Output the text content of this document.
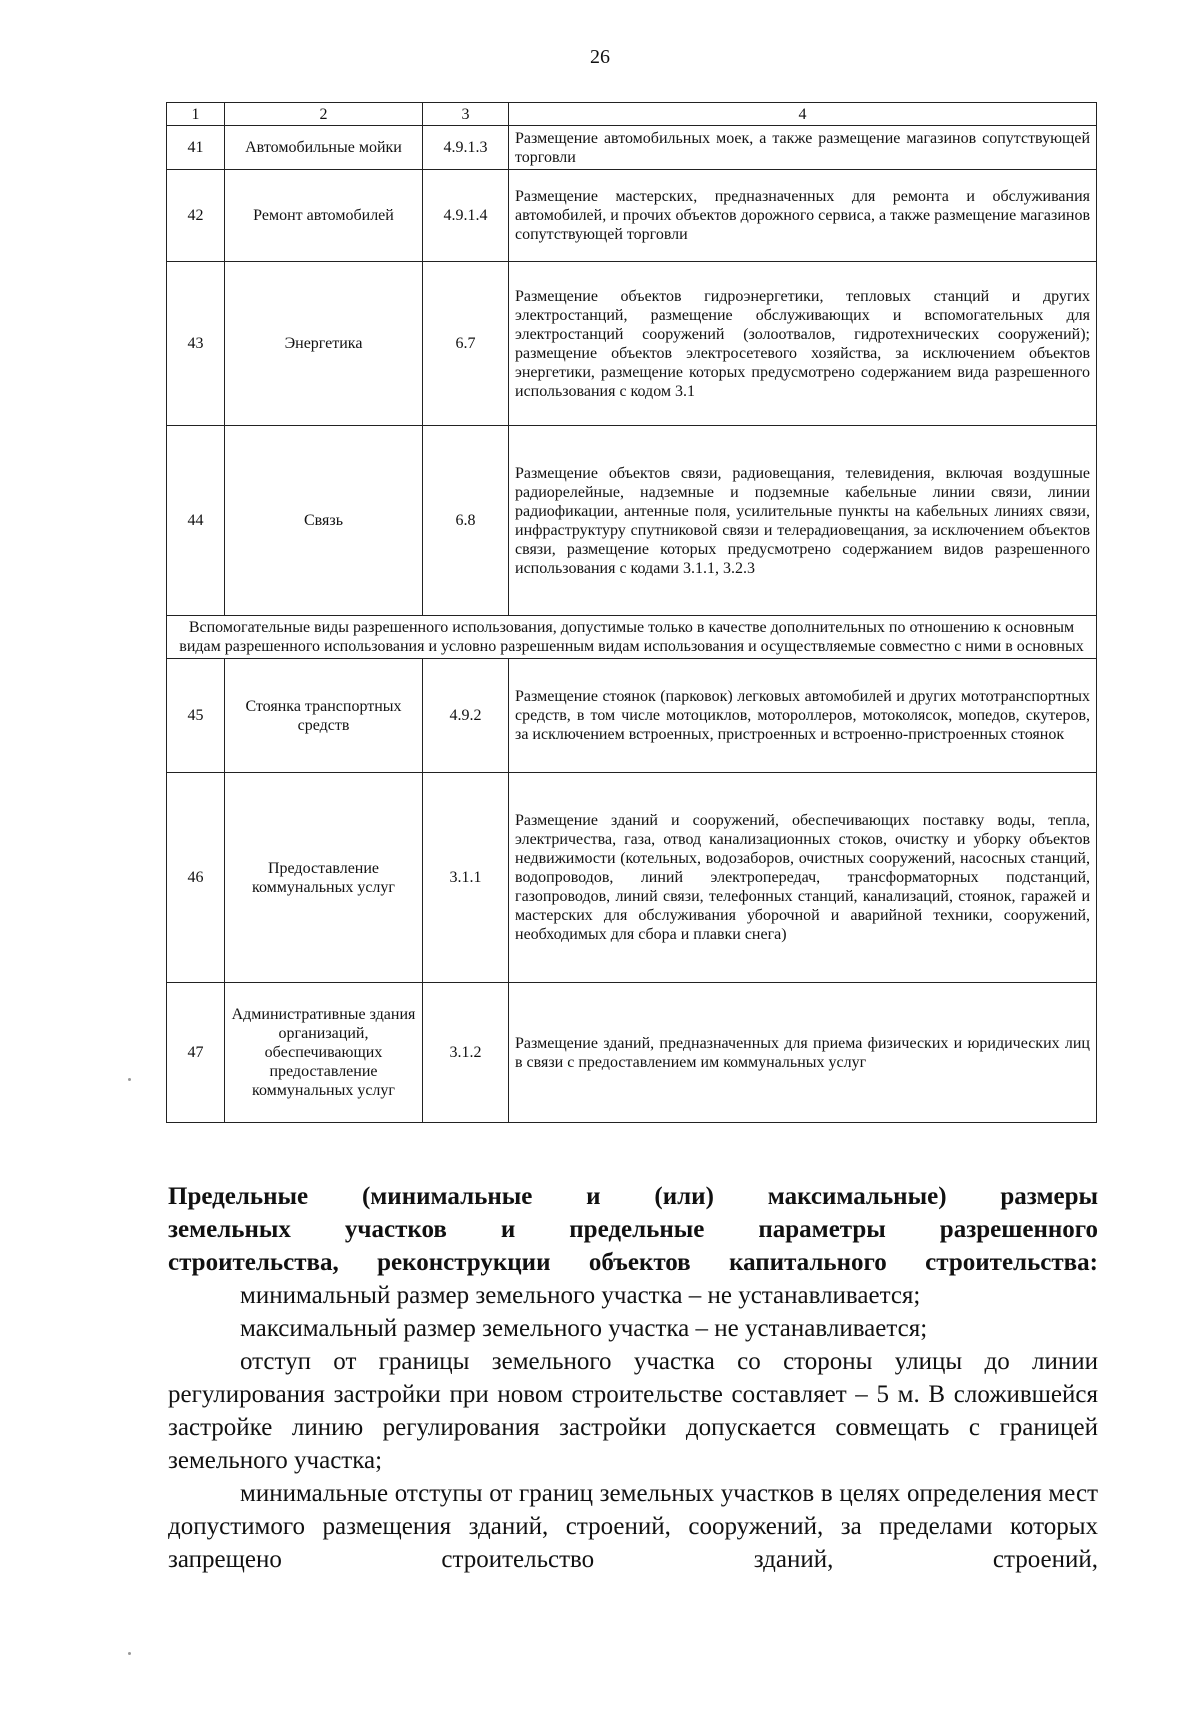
26
1	2	3	4
41	Автомобильные мойки	4.9.1.3	Размещение автомобильных моек, а также размещение магазинов сопутствующей торговли
42	Ремонт автомобилей	4.9.1.4	Размещение мастерских, предназначенных для ремонта и обслуживания автомобилей, и прочих объектов дорожного сервиса, а также размещение магазинов сопутствующей торговли
43	Энергетика	6.7	Размещение объектов гидроэнергетики, тепловых станций и других электростанций, размещение обслуживающих и вспомогательных для электростанций сооружений (золоотвалов, гидротехнических сооружений); размещение объектов электросетевого хозяйства, за исключением объектов энергетики, размещение которых предусмотрено содержанием вида разрешенного использования с кодом 3.1
44	Связь	6.8	Размещение объектов связи, радиовещания, телевидения, включая воздушные радиорелейные, надземные и подземные кабельные линии связи, линии радиофикации, антенные поля, усилительные пункты на кабельных линиях связи, инфраструктуру спутниковой связи и телерадиовещания, за исключением объектов связи, размещение которых предусмотрено содержанием видов разрешенного использования с кодами 3.1.1, 3.2.3
Вспомогательные виды разрешенного использования, допустимые только в качестве дополнительных по отношению к основным видам разрешенного использования и условно разрешенным видам использования и осуществляемые совместно с ними в основных			
45	Стоянка транспортных средств	4.9.2	Размещение стоянок (парковок) легковых автомобилей и других мототранспортных средств, в том числе мотоциклов, мотороллеров, мотоколясок, мопедов, скутеров, за исключением встроенных, пристроенных и встроенно-пристроенных стоянок
46	Предоставление коммунальных услуг	3.1.1	Размещение зданий и сооружений, обеспечивающих поставку воды, тепла, электричества, газа, отвод канализационных стоков, очистку и уборку объектов недвижимости (котельных, водозаборов, очистных сооружений, насосных станций, водопроводов, линий электропередач, трансформаторных подстанций, газопроводов, линий связи, телефонных станций, канализаций, стоянок, гаражей и мастерских для обслуживания уборочной и аварийной техники, сооружений, необходимых для сбора и плавки снега)
47	Административные здания организаций, обеспечивающих предоставление коммунальных услуг	3.1.2	Размещение зданий, предназначенных для приема физических и юридических лиц в связи с предоставлением им коммунальных услуг
Предельные (минимальные и (или) максимальные) размеры
земельных участков и предельные параметры разрешенного
строительства, реконструкции объектов капитального строительства:
минимальный размер земельного участка – не устанавливается;
максимальный размер земельного участка – не устанавливается;
отступ от границы земельного участка со стороны улицы до линии регулирования застройки при новом строительстве составляет – 5 м. В сложившейся застройке линию регулирования застройки допускается совмещать с границей земельного участка;
минимальные отступы от границ земельных участков в целях определения мест допустимого размещения зданий, строений, сооружений, за пределами которых запрещено строительство зданий, строений,
